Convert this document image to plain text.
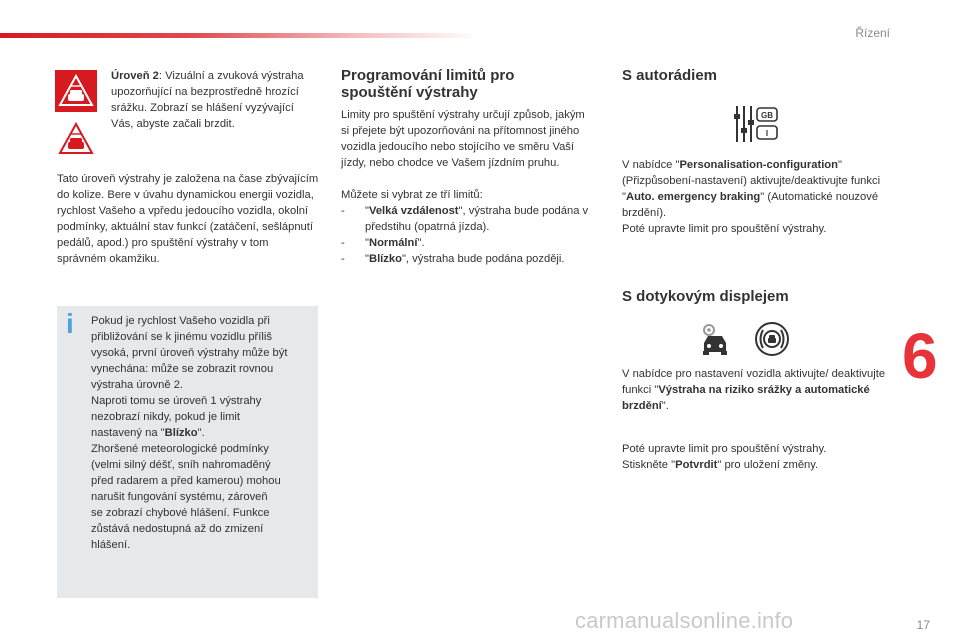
Řízení
Úroveň 2: Vizuální a zvuková výstraha upozorňující na bezprostředně hrozící srážku. Zobrazí se hlášení vyzývající Vás, abyste začali brzdit.
Tato úroveň výstrahy je založena na čase zbývajícím do kolize. Bere v úvahu dynamickou energii vozidla, rychlost Vašeho a vpředu jedoucího vozidla, okolní podmínky, aktuální stav funkcí (zatáčení, sešlápnutí pedálů, apod.) pro spuštění výstrahy v tom správném okamžiku.
i	Pokud je rychlost Vašeho vozidla při
přibližování se k jinému vozidlu příliš
vysoká, první úroveň výstrahy může být
vynechána: může se zobrazit rovnou
výstraha úrovně 2.
Naproti tomu se úroveň 1 výstrahy
nezobrazí nikdy, pokud je limit
nastavený na "Blízko".
Zhoršené meteorologické podmínky
(velmi silný déšť, sníh nahromaděný
před radarem a před kamerou) mohou
narušit fungování systému, zároveň
se zobrazí chybové hlášení. Funkce
zůstává nedostupná až do zmizení
hlášení.
Programování limitů pro
spouštění výstrahy
Limity pro spuštění výstrahy určují způsob, jakým si přejete být upozorňováni na přítomnost jiného vozidla jedoucího nebo stojícího ve směru Vaší jízdy, nebo chodce ve Vašem jízdním pruhu.
Můžete si vybrat ze tří limitů:
-	"Velká vzdálenost", výstraha bude podána v předstihu (opatrná jízda).
-	"Normální".
-	"Blízko", výstraha bude podána později.
S autorádiem
GB
I
V nabídce "Personalisation-configuration" (Přizpůsobení-nastavení) aktivujte/deaktivujte funkci "Auto. emergency braking" (Automatické nouzové brzdění).
Poté upravte limit pro spouštění výstrahy.
S dotykovým displejem
V nabídce pro nastavení vozidla aktivujte/ deaktivujte funkci "Výstraha na riziko srážky a automatické brzdění".
Poté upravte limit pro spouštění výstrahy.
Stiskněte "Potvrdit" pro uložení změny.
6
carmanualsonline.info	17
